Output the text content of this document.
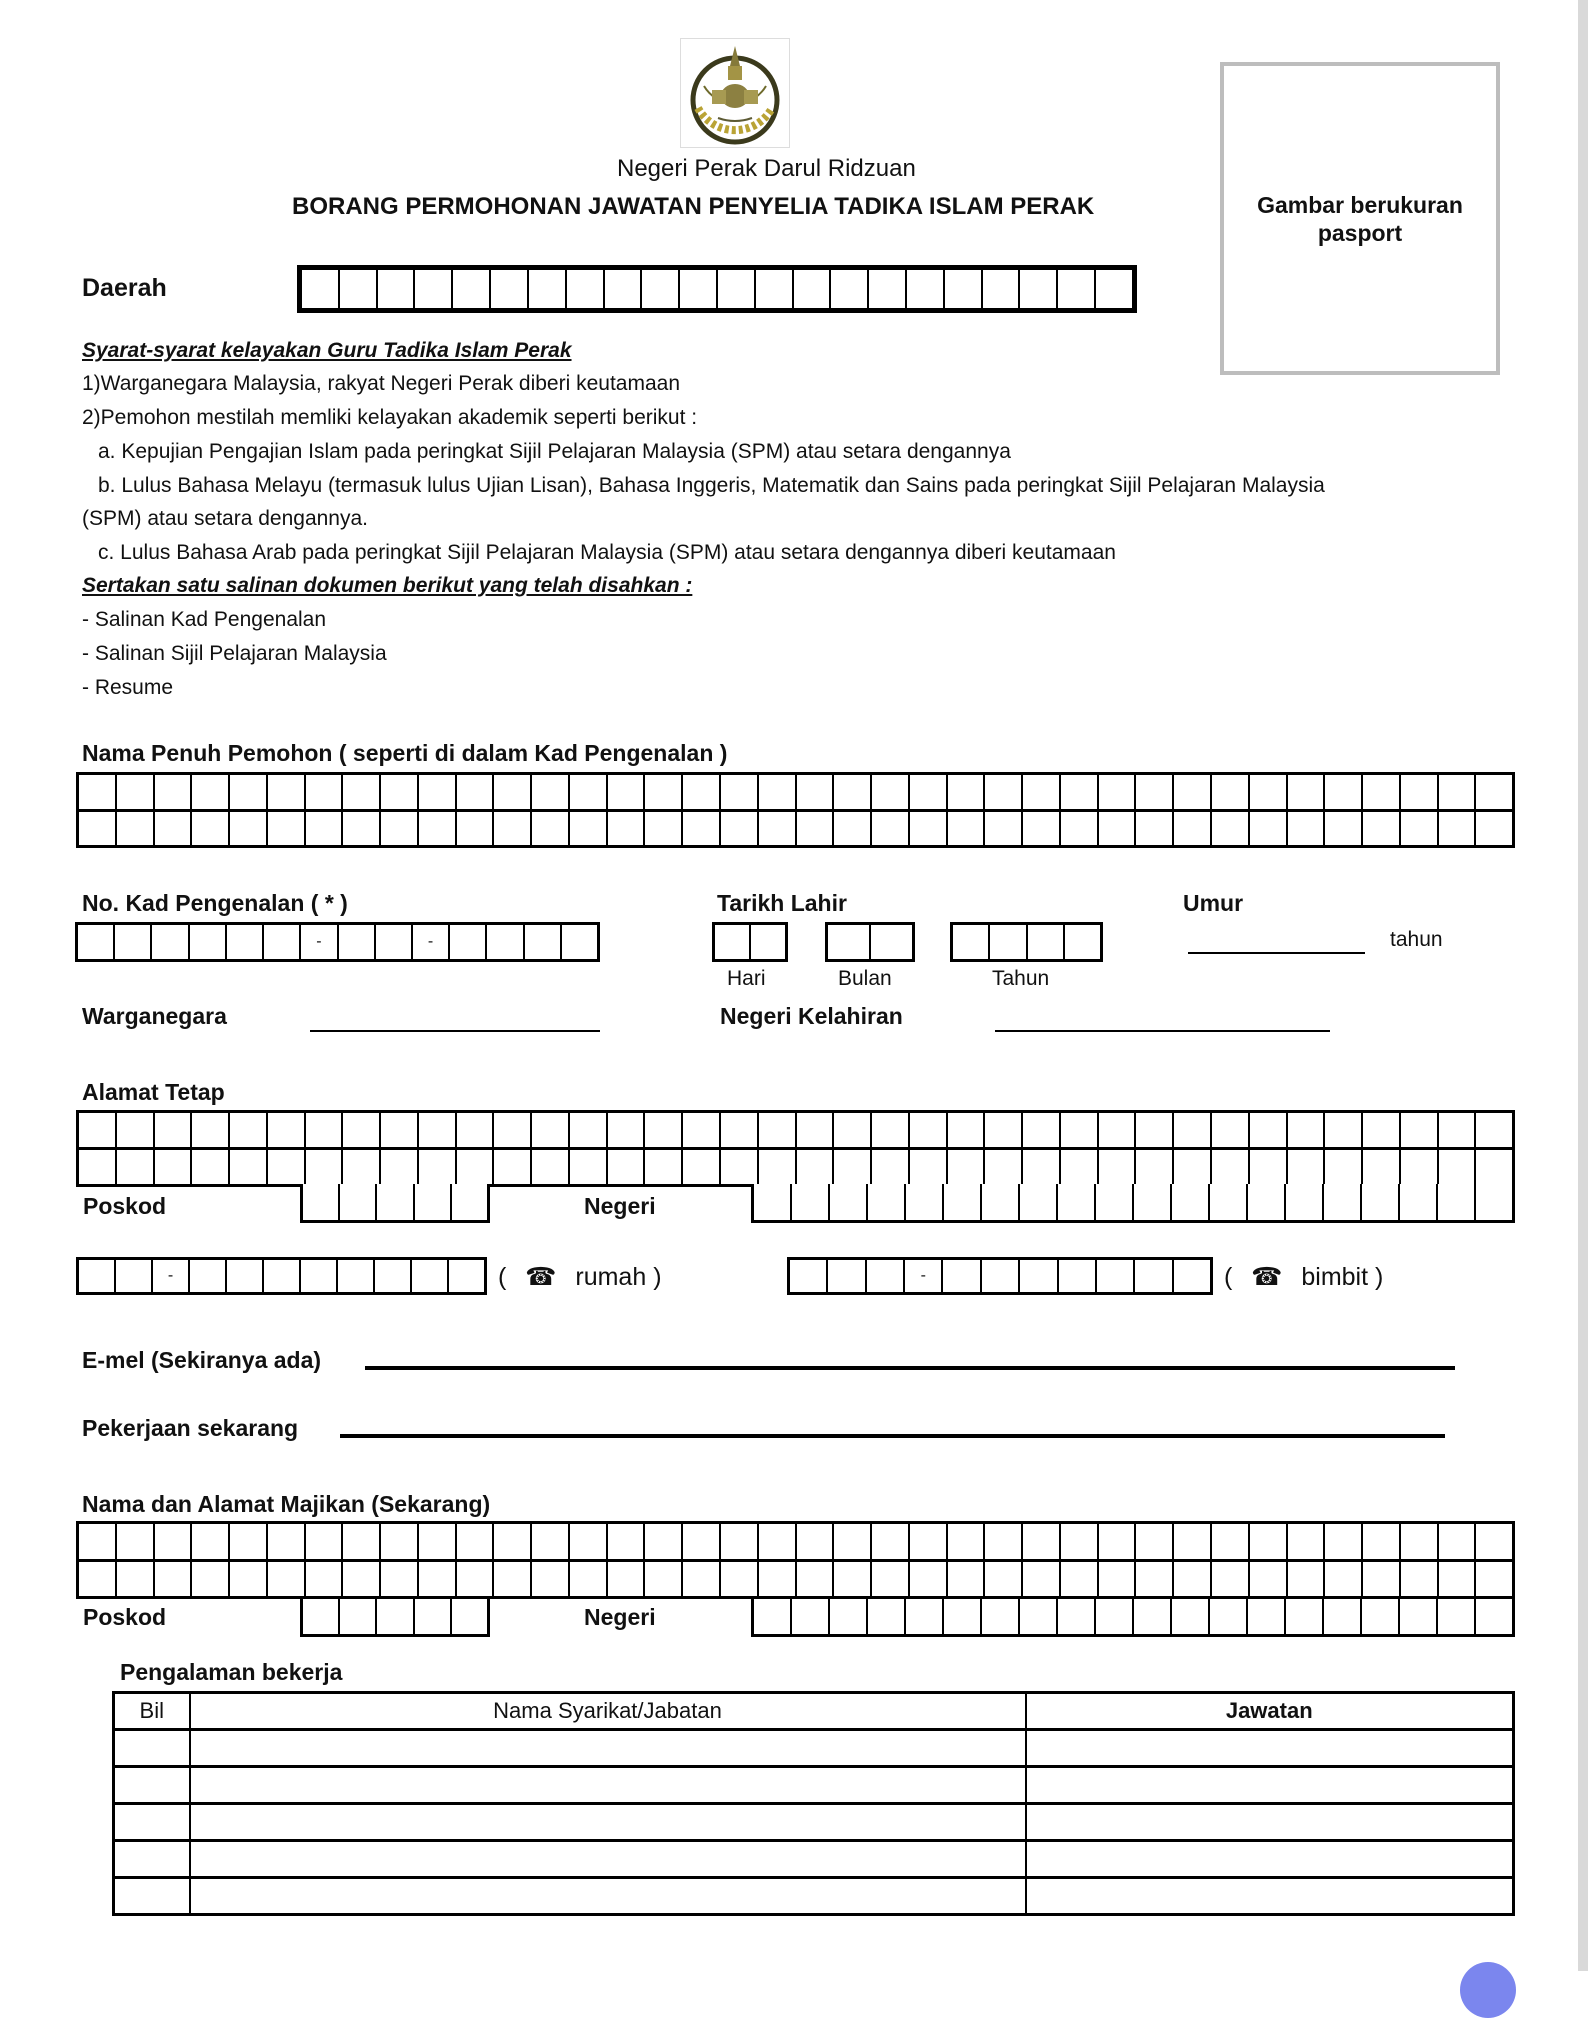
Negeri Perak Darul Ridzuan
BORANG PERMOHONAN JAWATAN PENYELIA TADIKA ISLAM PERAK	Gambar berukuran pasport
Daerah
Syarat-syarat kelayakan Guru Tadika Islam Perak
1)Warganegara Malaysia, rakyat Negeri Perak diberi keutamaan
2)Pemohon mestilah memliki kelayakan akademik seperti berikut :
a. Kepujian Pengajian Islam pada peringkat Sijil Pelajaran Malaysia (SPM) atau setara dengannya
b. Lulus Bahasa Melayu (termasuk lulus Ujian Lisan), Bahasa Inggeris, Matematik dan Sains pada peringkat Sijil Pelajaran Malaysia
(SPM) atau setara dengannya.
c. Lulus Bahasa Arab pada peringkat Sijil Pelajaran Malaysia (SPM) atau setara dengannya diberi keutamaan
Sertakan satu salinan dokumen berikut yang telah disahkan :
- Salinan Kad Pengenalan
- Salinan Sijil Pelajaran Malaysia
- Resume
Nama Penuh Pemohon ( seperti di dalam Kad Pengenalan )
No. Kad Pengenalan ( * )
-	-
Tarikh Lahir
Hari	Bulan	Tahun
Umur
tahun
Warganegara	Negeri Kelahiran
Alamat Tetap
Poskod	Negeri
-	( ☎ rumah )	-	( ☎ bimbit )
E-mel (Sekiranya ada)
Pekerjaan sekarang
Nama dan Alamat Majikan (Sekarang)
Poskod	Negeri
Pengalaman bekerja
Bil	Nama Syarikat/Jabatan	Jawatan
